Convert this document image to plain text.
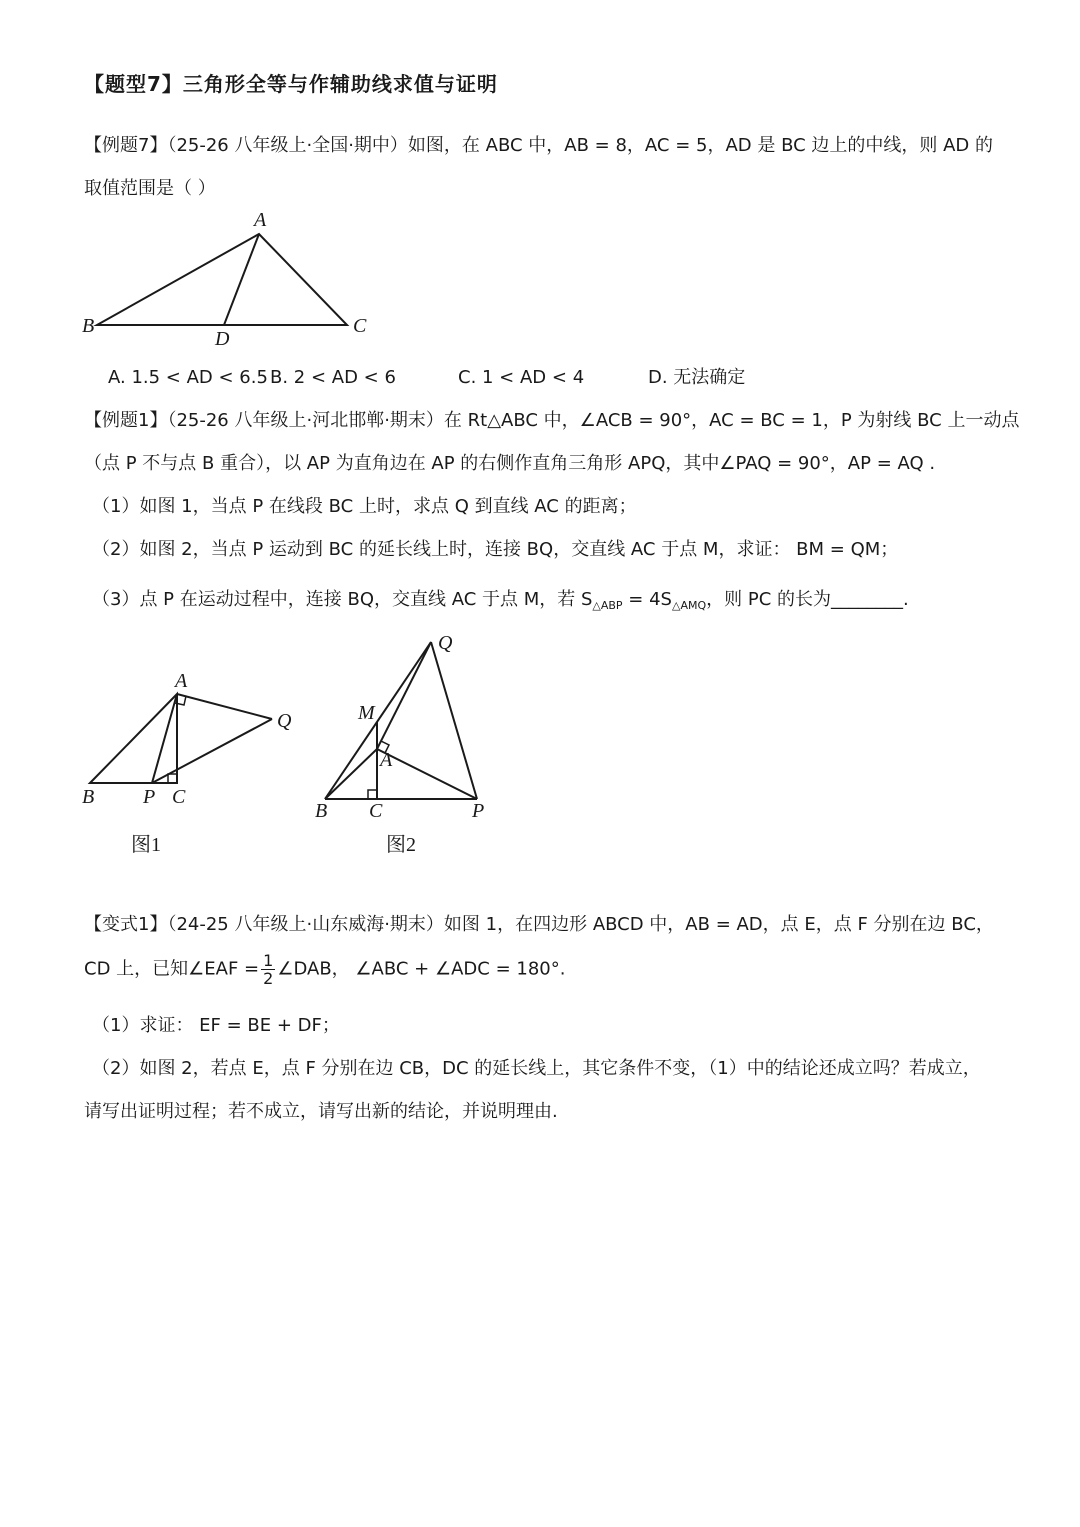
【题型7】三角形全等与作辅助线求值与证明
【例题7】（25-26 八年级上·全国·期中）如图，在 ABC 中，AB = 8，AC = 5，AD 是 BC 边上的中线，则 AD 的
取值范围是（ ）
A
B	C
D
A. 1.5 < AD < 6.5 B. 2 < AD < 6	C. 1 < AD < 4	D. 无法确定
【例题1】（25-26 八年级上·河北邯郸·期末）在 Rt△ABC 中，∠ACB = 90°，AC = BC = 1，P 为射线 BC 上一动点
（点 P 不与点 B 重合），以 AP 为直角边在 AP 的右侧作直角三角形 APQ，其中∠PAQ = 90°，AP = AQ .
（1）如图 1，当点 P 在线段 BC 上时，求点 Q 到直线 AC 的距离；
（2）如图 2，当点 P 运动到 BC 的延长线上时，连接 BQ，交直线 AC 于点 M，求证： BM = QM；
（3）点 P 在运动过程中，连接 BQ，交直线 AC 于点 M，若 $S_{\triangle ABP} = 4S_{\triangle AMQ}$，则 PC 的长为________.
A
B P C
Q
图1
Q
M
A
B C	P
图2
【变式1】（24-25 八年级上·山东威海·期末）如图 1，在四边形 ABCD 中，AB = AD，点 E，点 F 分别在边 BC，
CD 上，已知∠EAF = $\frac{1}{2}$ ∠DAB， ∠ABC + ∠ADC = 180°.
（1）求证： EF = BE + DF；
（2）如图 2，若点 E，点 F 分别在边 CB，DC 的延长线上，其它条件不变，（1）中的结论还成立吗？若成立，
请写出证明过程；若不成立，请写出新的结论，并说明理由.
